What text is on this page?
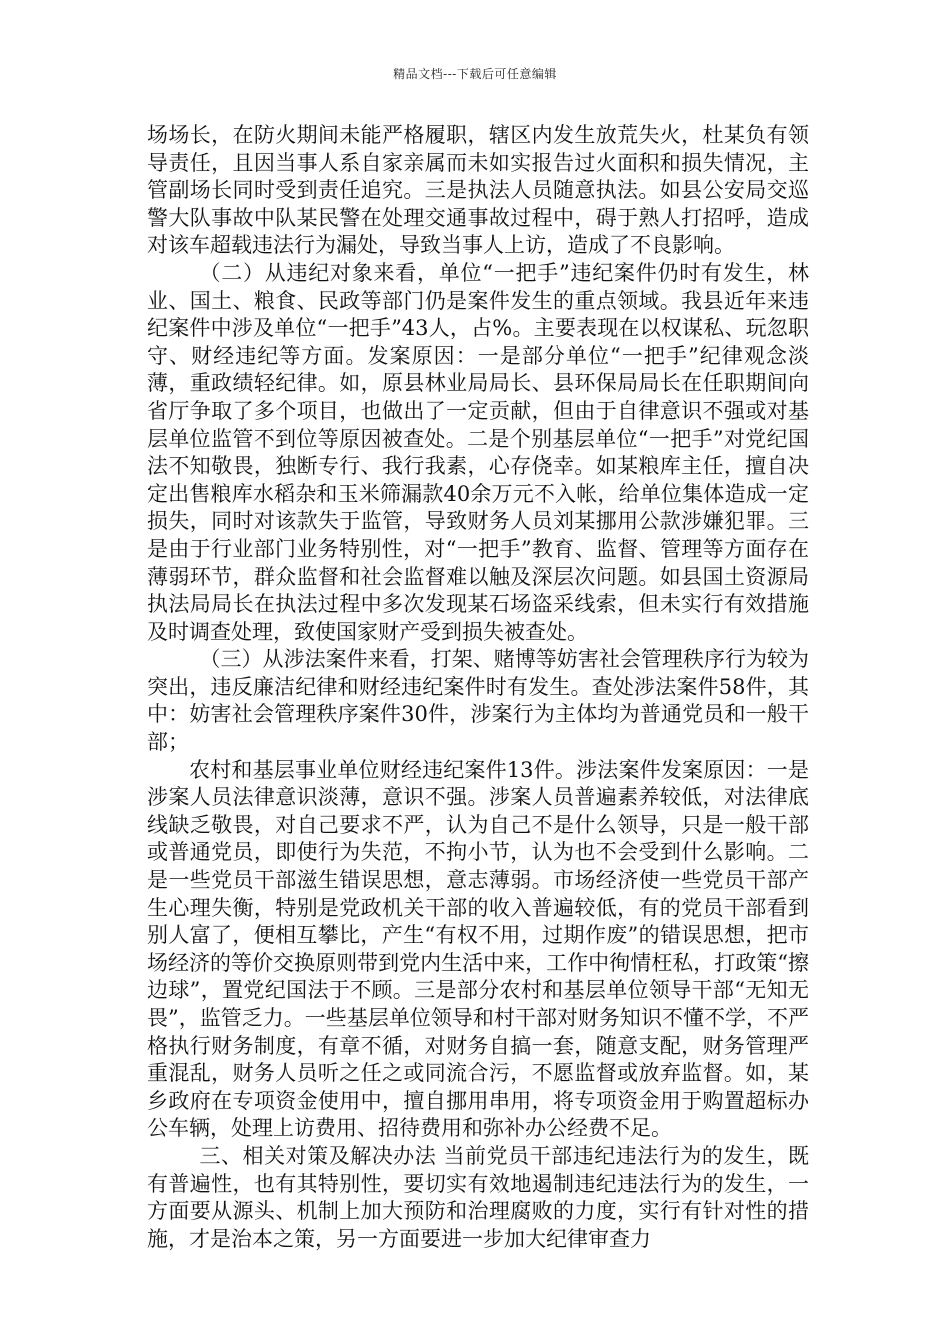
精品文档---下载后可任意编辑

场场长，在防火期间未能严格履职，辖区内发生放荒失火，杜某负有领导责任，且因当事人系自家亲属而未如实报告过火面积和损失情况，主管副场长同时受到责任追究。三是执法人员随意执法。如县公安局交巡警大队事故中队某民警在处理交通事故过程中，碍于熟人打招呼，造成对该车超载违法行为漏处，导致当事人上访，造成了不良影响。

（二）从违纪对象来看，单位“一把手”违纪案件仍时有发生，林业、国土、粮食、民政等部门仍是案件发生的重点领域。我县近年来违纪案件中涉及单位“一把手”43人，占%。主要表现在以权谋私、玩忽职守、财经违纪等方面。发案原因：一是部分单位“一把手”纪律观念淡薄，重政绩轻纪律。如，原县林业局局长、县环保局局长在任职期间向省厅争取了多个项目，也做出了一定贡献，但由于自律意识不强或对基层单位监管不到位等原因被查处。二是个别基层单位“一把手”对党纪国法不知敬畏，独断专行、我行我素，心存侥幸。如某粮库主任，擅自决定出售粮库水稻杂和玉米筛漏款40余万元不入帐，给单位集体造成一定损失，同时对该款失于监管，导致财务人员刘某挪用公款涉嫌犯罪。三是由于行业部门业务特别性，对“一把手”教育、监督、管理等方面存在薄弱环节，群众监督和社会监督难以触及深层次问题。如县国土资源局执法局局长在执法过程中多次发现某石场盗采线索，但未实行有效措施及时调查处理，致使国家财产受到损失被查处。

（三）从涉法案件来看，打架、赌博等妨害社会管理秩序行为较为突出，违反廉洁纪律和财经违纪案件时有发生。查处涉法案件58件，其中：妨害社会管理秩序案件30件，涉案行为主体均为普通党员和一般干部；

农村和基层事业单位财经违纪案件13件。涉法案件发案原因：一是涉案人员法律意识淡薄，意识不强。涉案人员普遍素养较低，对法律底线缺乏敬畏，对自己要求不严，认为自己不是什么领导，只是一般干部或普通党员，即使行为失范，不拘小节，认为也不会受到什么影响。二是一些党员干部滋生错误思想，意志薄弱。市场经济使一些党员干部产生心理失衡，特别是党政机关干部的收入普遍较低，有的党员干部看到别人富了，便相互攀比，产生“有权不用，过期作废”的错误思想，把市场经济的等价交换原则带到党内生活中来，工作中徇情枉私，打政策“擦边球”，置党纪国法于不顾。三是部分农村和基层单位领导干部“无知无畏”，监管乏力。一些基层单位领导和村干部对财务知识不懂不学，不严格执行财务制度，有章不循，对财务自搞一套，随意支配，财务管理严重混乱，财务人员听之任之或同流合污，不愿监督或放弃监督。如，某乡政府在专项资金使用中，擅自挪用串用，将专项资金用于购置超标办公车辆，处理上访费用、招待费用和弥补办公经费不足。

三、相关对策及解决办法 当前党员干部违纪违法行为的发生，既有普遍性，也有其特别性，要切实有效地遏制违纪违法行为的发生，一方面要从源头、机制上加大预防和治理腐败的力度，实行有针对性的措施，才是治本之策，另一方面要进一步加大纪律审查力
